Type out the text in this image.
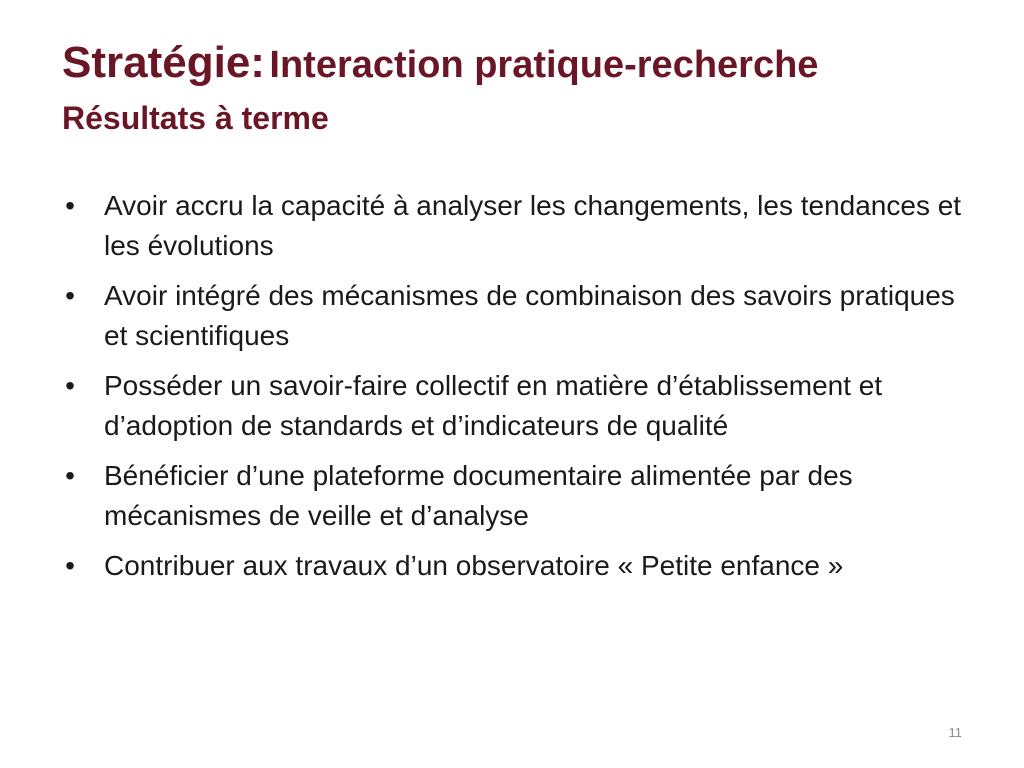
Stratégie: Interaction pratique-recherche
Résultats à terme
• Avoir accru la capacité à analyser les changements, les tendances et les évolutions
• Avoir intégré des mécanismes de combinaison des savoirs pratiques et scientifiques
• Posséder un savoir-faire collectif en matière d’établissement et d’adoption de standards et d’indicateurs de qualité
• Bénéficier d’une plateforme documentaire alimentée par des mécanismes de veille et d’analyse
• Contribuer aux travaux d’un observatoire « Petite enfance »
11
